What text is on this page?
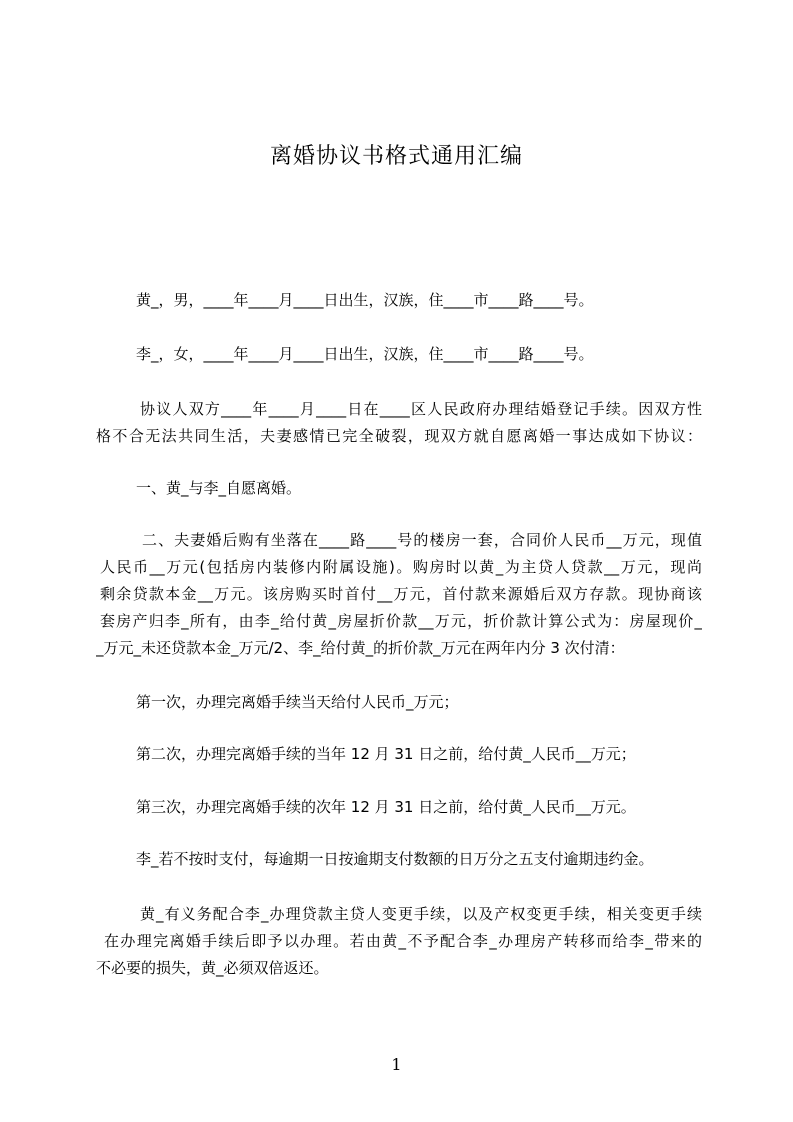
离婚协议书格式通用汇编

黄_，男，____年____月____日出生，汉族，住____市____路____号。

李_，女，____年____月____日出生，汉族，住____市____路____号。

协议人双方____年____月____日在____区人民政府办理结婚登记手续。因双方性
格不合无法共同生活，夫妻感情已完全破裂，现双方就自愿离婚一事达成如下协议：

一、黄_与李_自愿离婚。

二、夫妻婚后购有坐落在____路____号的楼房一套，合同价人民币__万元，现值
人民币__万元(包括房内装修内附属设施)。购房时以黄_为主贷人贷款__万元，现尚
剩余贷款本金__万元。该房购买时首付__万元，首付款来源婚后双方存款。现协商该
套房产归李_所有，由李_给付黄_房屋折价款__万元，折价款计算公式为：房屋现价_
_万元_未还贷款本金_万元/2、李_给付黄_的折价款_万元在两年内分 3 次付清：

第一次，办理完离婚手续当天给付人民币_万元；

第二次，办理完离婚手续的当年 12 月 31 日之前，给付黄_人民币__万元；

第三次，办理完离婚手续的次年 12 月 31 日之前，给付黄_人民币__万元。

李_若不按时支付，每逾期一日按逾期支付数额的日万分之五支付逾期违约金。

黄_有义务配合李_办理贷款主贷人变更手续，以及产权变更手续，相关变更手续
在办理完离婚手续后即予以办理。若由黄_不予配合李_办理房产转移而给李_带来的
不必要的损失，黄_必须双倍返还。

1
